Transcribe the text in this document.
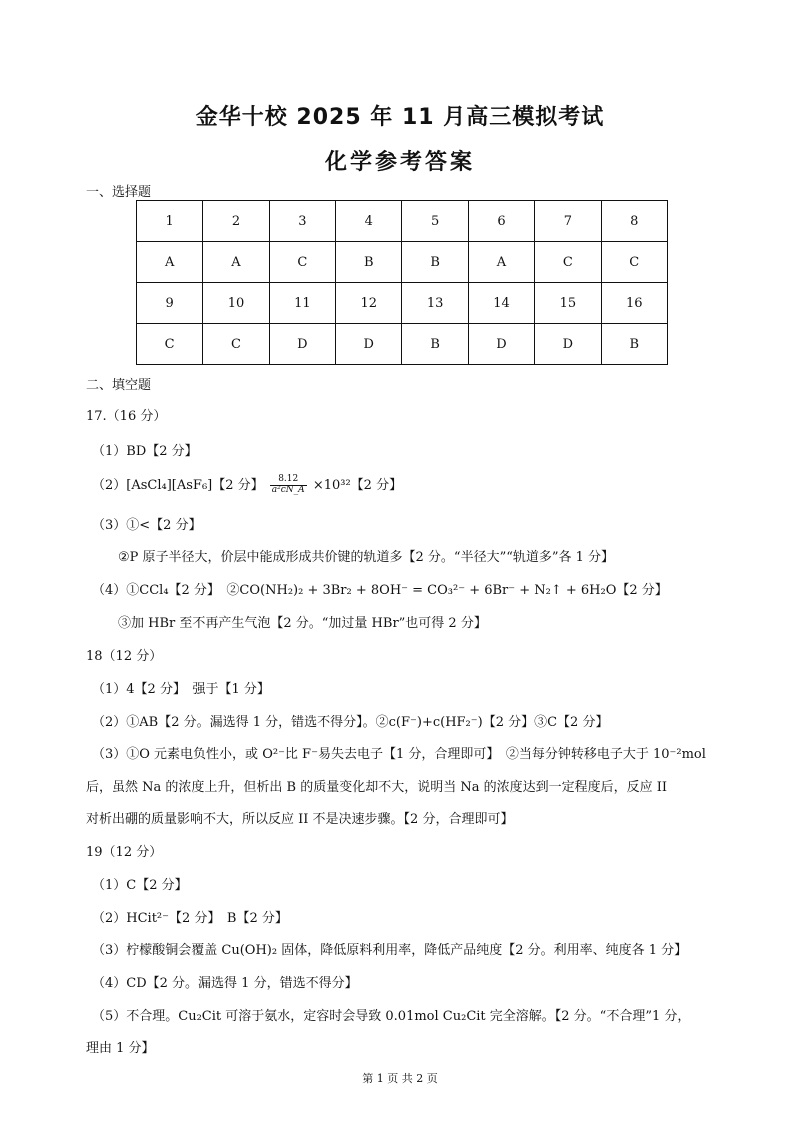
金华十校 2025 年 11 月高三模拟考试
化学参考答案
一、选择题
1	2	3	4	5	6	7	8
A	A	C	B	B	A	C	C
9	10	11	12	13	14	15	16
C	C	D	D	B	D	D	B
二、填空题
17.（16 分）
（1）BD【2 分】
（2）[AsCl₄][AsF₆]【2 分】 $\frac{8.12}{\text{a²cN\_A}} \times 10^{32}$【2 分】
（3）①<【2 分】
②P 原子半径大，价层中能成形成共价键的轨道多【2 分。“半径大”“轨道多”各 1 分】
（4）①CCl₄【2 分】　②CO(NH₂)₂ + 3Br₂ + 8OH⁻ = CO₃²⁻ + 6Br⁻ + N₂↑ + 6H₂O【2 分】
③加 HBr 至不再产生气泡【2 分。“加过量 HBr”也可得 2 分】
18（12 分）
（1）4【2 分】　强于【1 分】
（2）①AB【2 分。漏选得 1 分，错选不得分】。②c(F⁻)+c(HF₂⁻)【2 分】③C【2 分】
（3）①O 元素电负性小，或 O²⁻比 F⁻易失去电子【1 分，合理即可】　②当每分钟转移电子大于 10⁻²mol
后，虽然 Na 的浓度上升，但析出 B 的质量变化却不大，说明当 Na 的浓度达到一定程度后，反应 II
对析出硼的质量影响不大，所以反应 II 不是决速步骤。【2 分，合理即可】
19（12 分）
（1）C【2 分】
（2）HCit²⁻【2 分】　B【2 分】
（3）柠檬酸铜会覆盖 Cu(OH)₂ 固体，降低原料利用率，降低产品纯度【2 分。利用率、纯度各 1 分】
（4）CD【2 分。漏选得 1 分，错选不得分】
（5）不合理。Cu₂Cit 可溶于氨水，定容时会导致 0.01mol Cu₂Cit 完全溶解。【2 分。“不合理”1 分，
理由 1 分】
第 1 页 共 2 页
